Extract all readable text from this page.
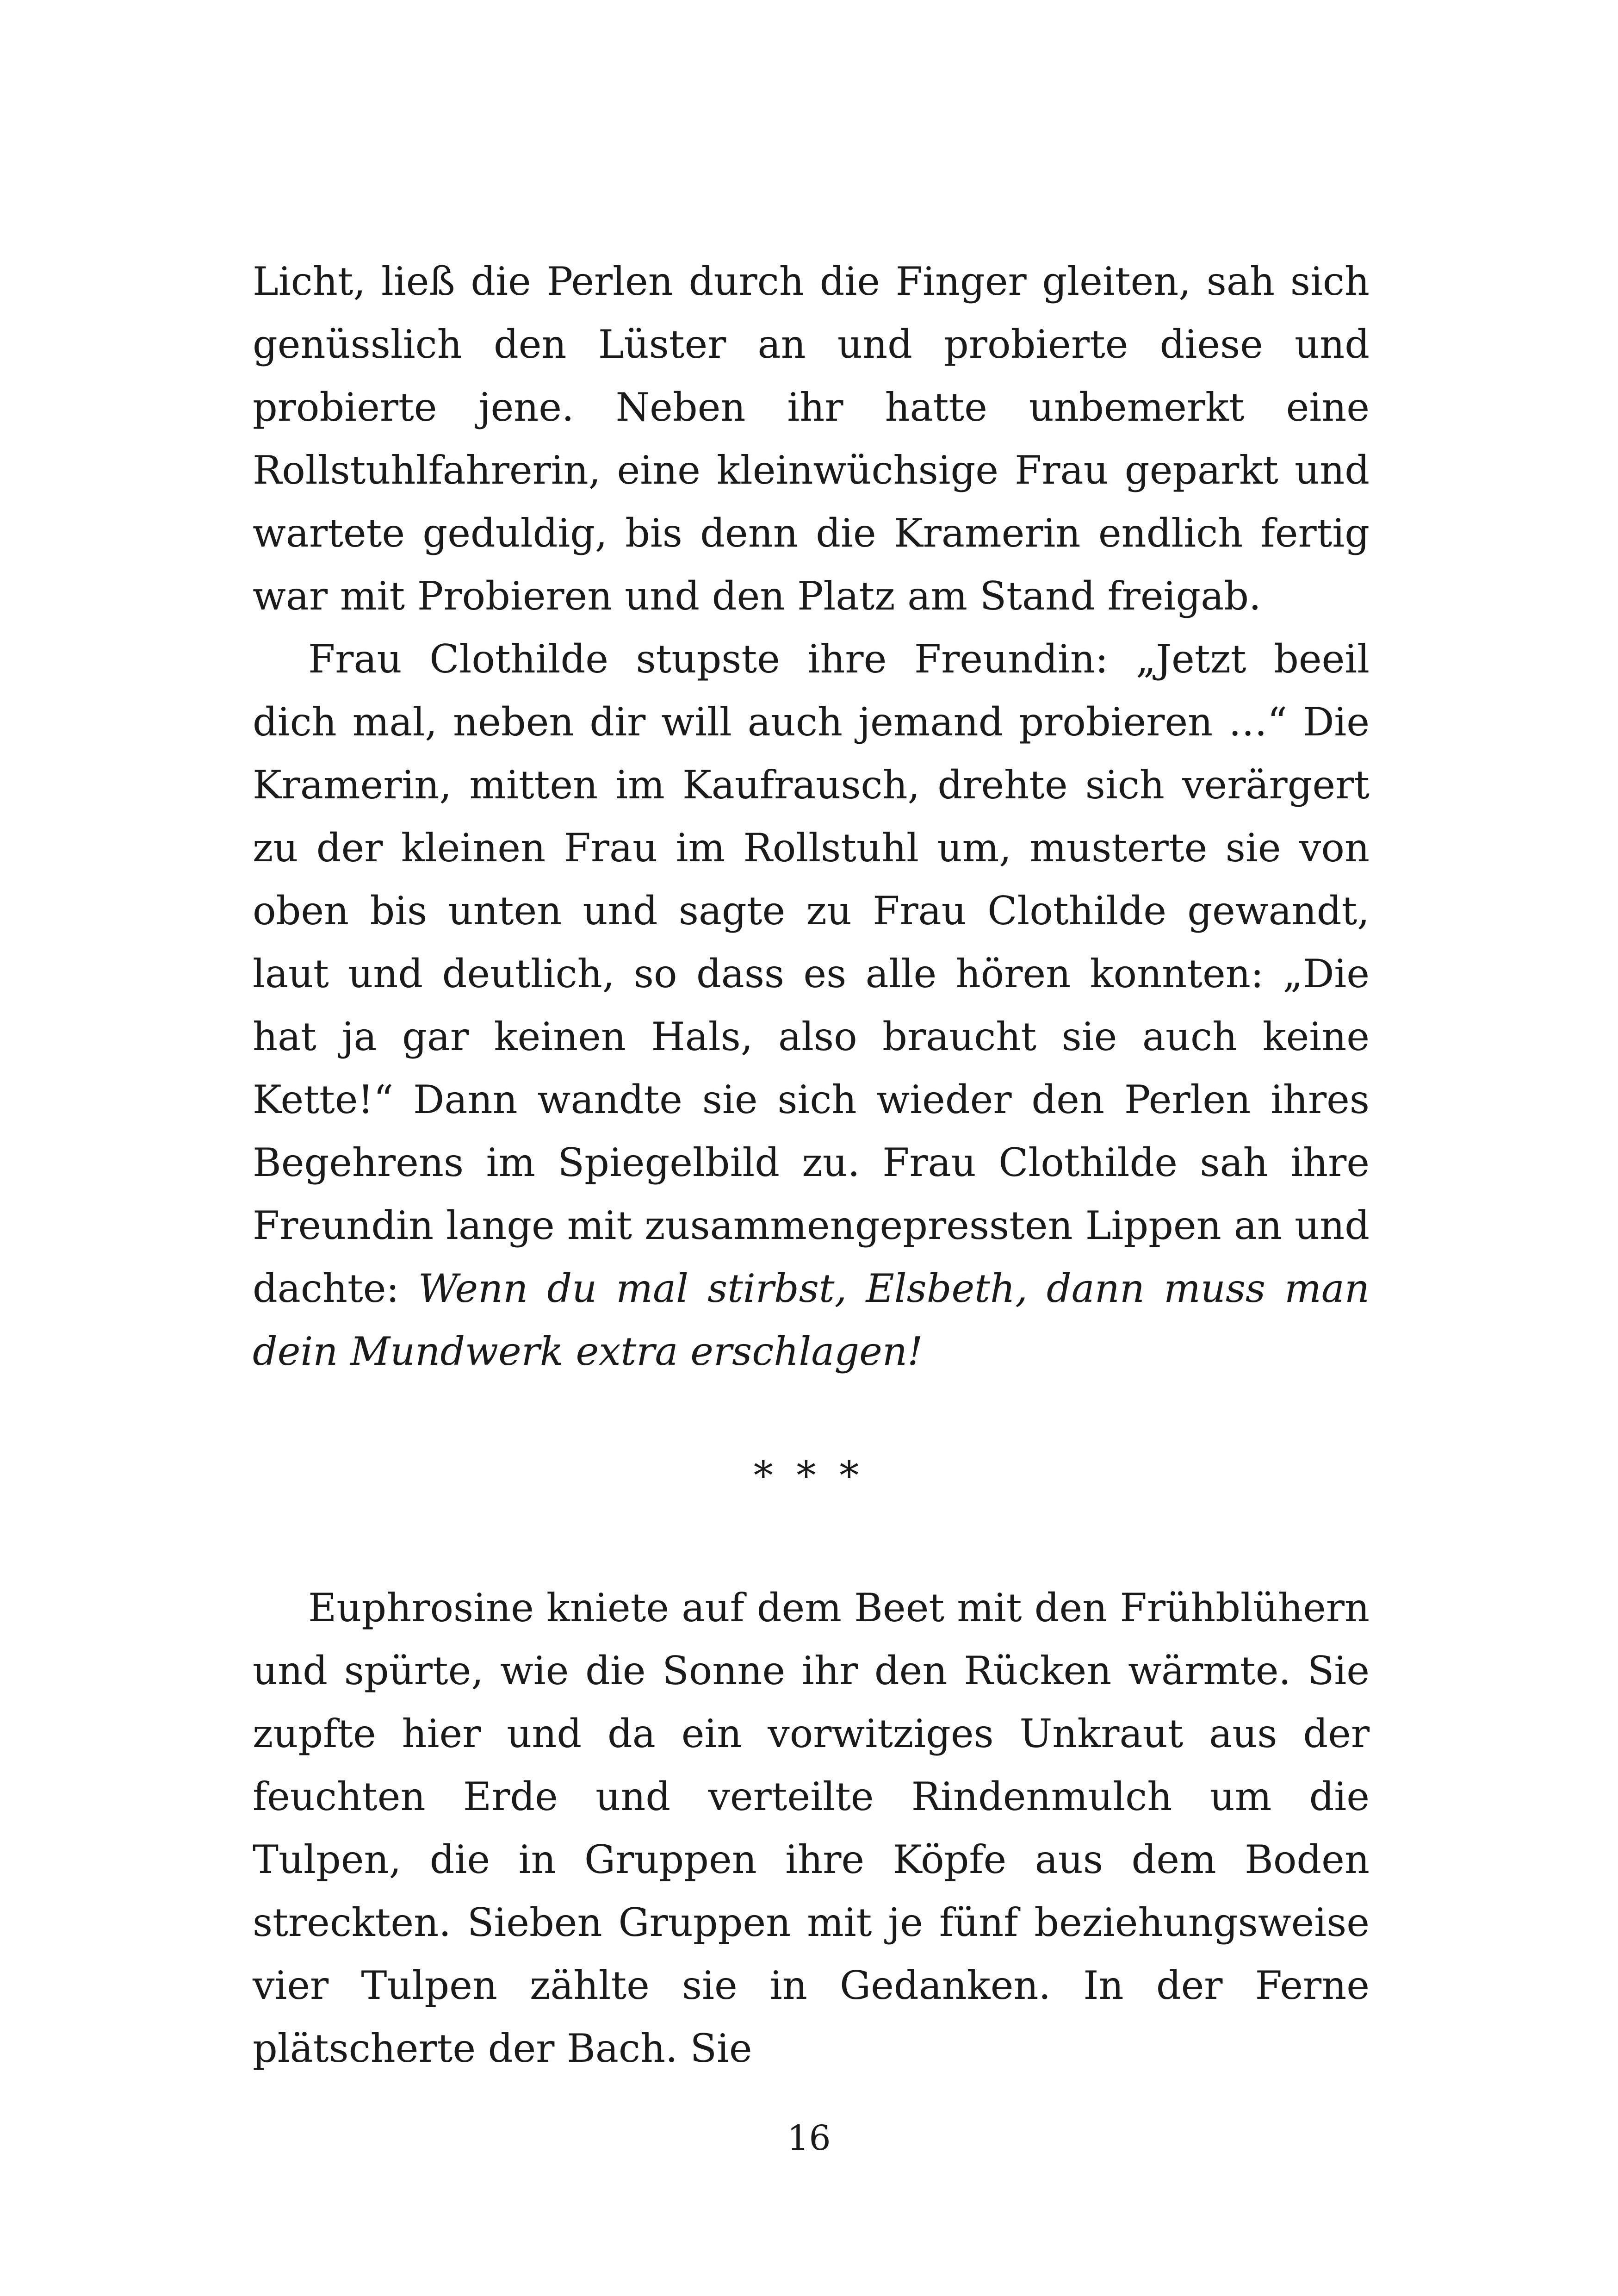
Licht, ließ die Perlen durch die Finger gleiten, sah sich genüsslich den Lüster an und probierte diese und probierte jene. Neben ihr hatte unbemerkt eine Rollstuhlfahrerin, eine kleinwüchsige Frau geparkt und wartete geduldig, bis denn die Kramerin endlich fertig war mit Probieren und den Platz am Stand freigab.

Frau Clothilde stupste ihre Freundin: „Jetzt beeil dich mal, neben dir will auch jemand probieren …“ Die Kramerin, mitten im Kaufrausch, drehte sich verärgert zu der kleinen Frau im Rollstuhl um, musterte sie von oben bis unten und sagte zu Frau Clothilde gewandt, laut und deutlich, so dass es alle hören konnten: „Die hat ja gar keinen Hals, also braucht sie auch keine Kette!“ Dann wandte sie sich wieder den Perlen ihres Begehrens im Spiegelbild zu. Frau Clothilde sah ihre Freundin lange mit zusammengepressten Lippen an und dachte: Wenn du mal stirbst, Elsbeth, dann muss man dein Mundwerk extra erschlagen!

* * *

Euphrosine kniete auf dem Beet mit den Frühblühern und spürte, wie die Sonne ihr den Rücken wärmte. Sie zupfte hier und da ein vorwitziges Unkraut aus der feuchten Erde und verteilte Rindenmulch um die Tulpen, die in Gruppen ihre Köpfe aus dem Boden streckten. Sieben Gruppen mit je fünf beziehungsweise vier Tulpen zählte sie in Gedanken. In der Ferne plätscherte der Bach. Sie

16
